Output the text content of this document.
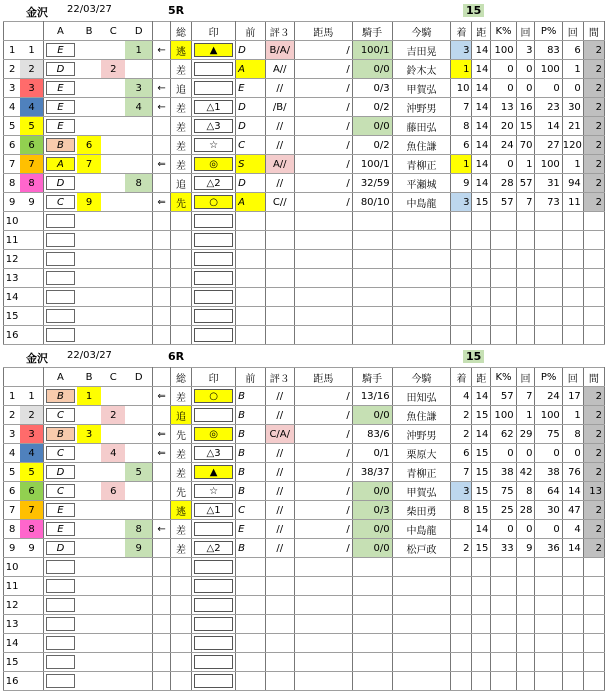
金沢 22/03/27	5R	15
		A	B	C	D		総	印	前	評３	距馬	騎手	今騎	着	距	K%	回	P%	回	間
1	1	E			1	←	逃	▲	D	B/A/	/	100/1	吉田晃	3	14	100	3	83	6	2
2	2	D		2			差		A	A//	/	0/0	鈴木太	1	14	0	0	100	1	2
3	3	E			3	←	追		E	//	/	0/3	甲賀弘	10	14	0	0	0	0	2
4	4	E			4	←	差	△1	D	/B/	/	0/2	沖野男	7	14	13	16	23	30	2
5	5	E					差	△3	D	//	/	0/0	藤田弘	8	14	20	15	14	21	2
6	6	B	6				差	☆	C	//	/	0/2	魚住謙	6	14	24	70	27	120	2
7	7	A	7			⇐	差	◎	S	A//	/	100/1	青柳正	1	14	0	1	100	1	2
8	8	D			8		追	△2	D	//	/	32/59	平瀬城	9	14	28	57	31	94	2
9	9	C	9			⇐	先	○	A	C//	/	80/10	中島龍	3	15	57	7	73	11	2
10		

11		

12		

13		

14		

15		

16		

金沢 22/03/27	6R	15
		A	B	C	D		総	印	前	評３	距馬	騎手	今騎	着	距	K%	回	P%	回	間
1	1	B	1			⇐	差	○	B	//	/	13/16	田知弘	4	14	57	7	24	17	2
2	2	C		2			追		B	//	/	0/0	魚住謙	2	15	100	1	100	1	2
3	3	B	3			⇐	先	◎	B	C/A/	/	83/6	沖野男	2	14	62	29	75	8	2
4	4	C		4		⇐	差	△3	B	//	/	0/1	栗原大	6	15	0	0	0	0	2
5	5	D			5		差	▲	B	//	/	38/37	青柳正	7	15	38	42	38	76	2
6	6	C		6			先	☆	B	//	/	0/0	甲賀弘	3	15	75	8	64	14	13
7	7	E					逃	△1	C	//	/	0/3	柴田勇	8	15	25	28	30	47	2
8	8	E			8	←	差		E	//	/	0/0	中島龍		14	0	0	0	4	2
9	9	D			9		差	△2	B	//	/	0/0	松戸政	2	15	33	9	36	14	2
10		

11		

12		

13		

14		

15		

16		
